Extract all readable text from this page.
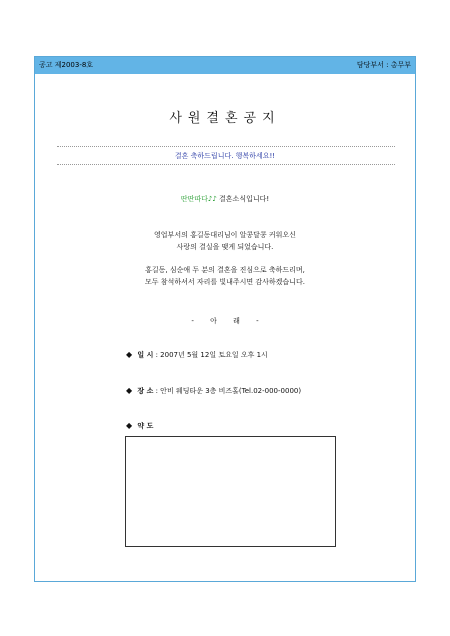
공고 제2003-8호	담당부서 : 총무부
사원결혼공지
결혼 축하드립니다. 행복하세요!!
딴딴따다♪♪ 결혼소식입니다!
영업부서의 홍길동대리님이 알콩달콩 커워오신
사랑의 결실을 맺게 되었습니다.
홍길동, 심순애 두 분의 결혼을 진심으로 축하드리며,
모두 참석하셔서 자리를 빛내주시면 감사하겠습니다.
- 아 래 -
◆ 일 시 : 2007년 5월 12일 토요일 오후 1시
◆ 장 소 : 안비 웨딩타운 3층 비즈홀(Tel.02-000-0000)
◆ 약 도
